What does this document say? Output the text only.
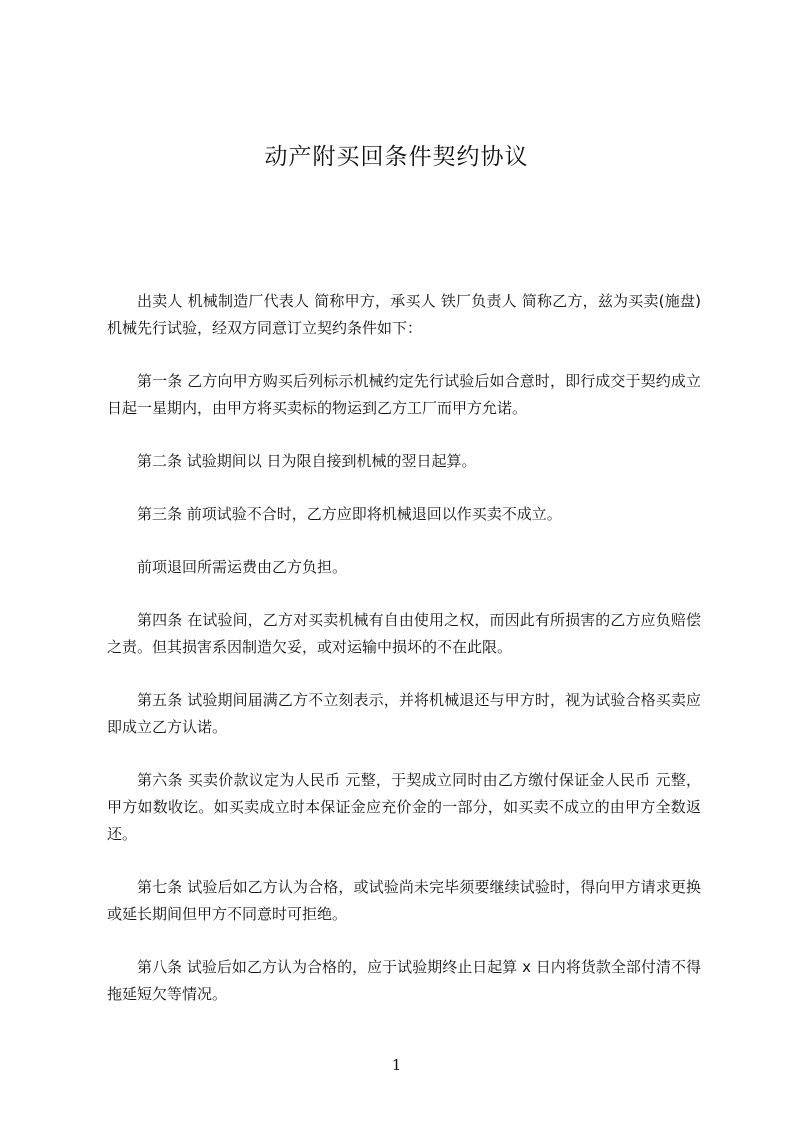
动产附买回条件契约协议

出卖人 机械制造厂代表人 简称甲方，承买人 铁厂负责人 简称乙方，兹为买卖(施盘)机械先行试验，经双方同意订立契约条件如下：

第一条 乙方向甲方购买后列标示机械约定先行试验后如合意时，即行成交于契约成立日起一星期内，由甲方将买卖标的物运到乙方工厂而甲方允诺。

第二条 试验期间以 日为限自接到机械的翌日起算。

第三条 前项试验不合时，乙方应即将机械退回以作买卖不成立。

前项退回所需运费由乙方负担。

第四条 在试验间，乙方对买卖机械有自由使用之权，而因此有所损害的乙方应负赔偿之责。但其损害系因制造欠妥，或对运输中损坏的不在此限。

第五条 试验期间届满乙方不立刻表示，并将机械退还与甲方时，视为试验合格买卖应即成立乙方认诺。

第六条 买卖价款议定为人民币 元整，于契成立同时由乙方缴付保证金人民币 元整，甲方如数收讫。如买卖成立时本保证金应充价金的一部分，如买卖不成立的由甲方全数返还。

第七条 试验后如乙方认为合格，或试验尚未完毕须要继续试验时，得向甲方请求更换或延长期间但甲方不同意时可拒绝。

第八条 试验后如乙方认为合格的，应于试验期终止日起算 x 日内将货款全部付清不得拖延短欠等情况。

1
